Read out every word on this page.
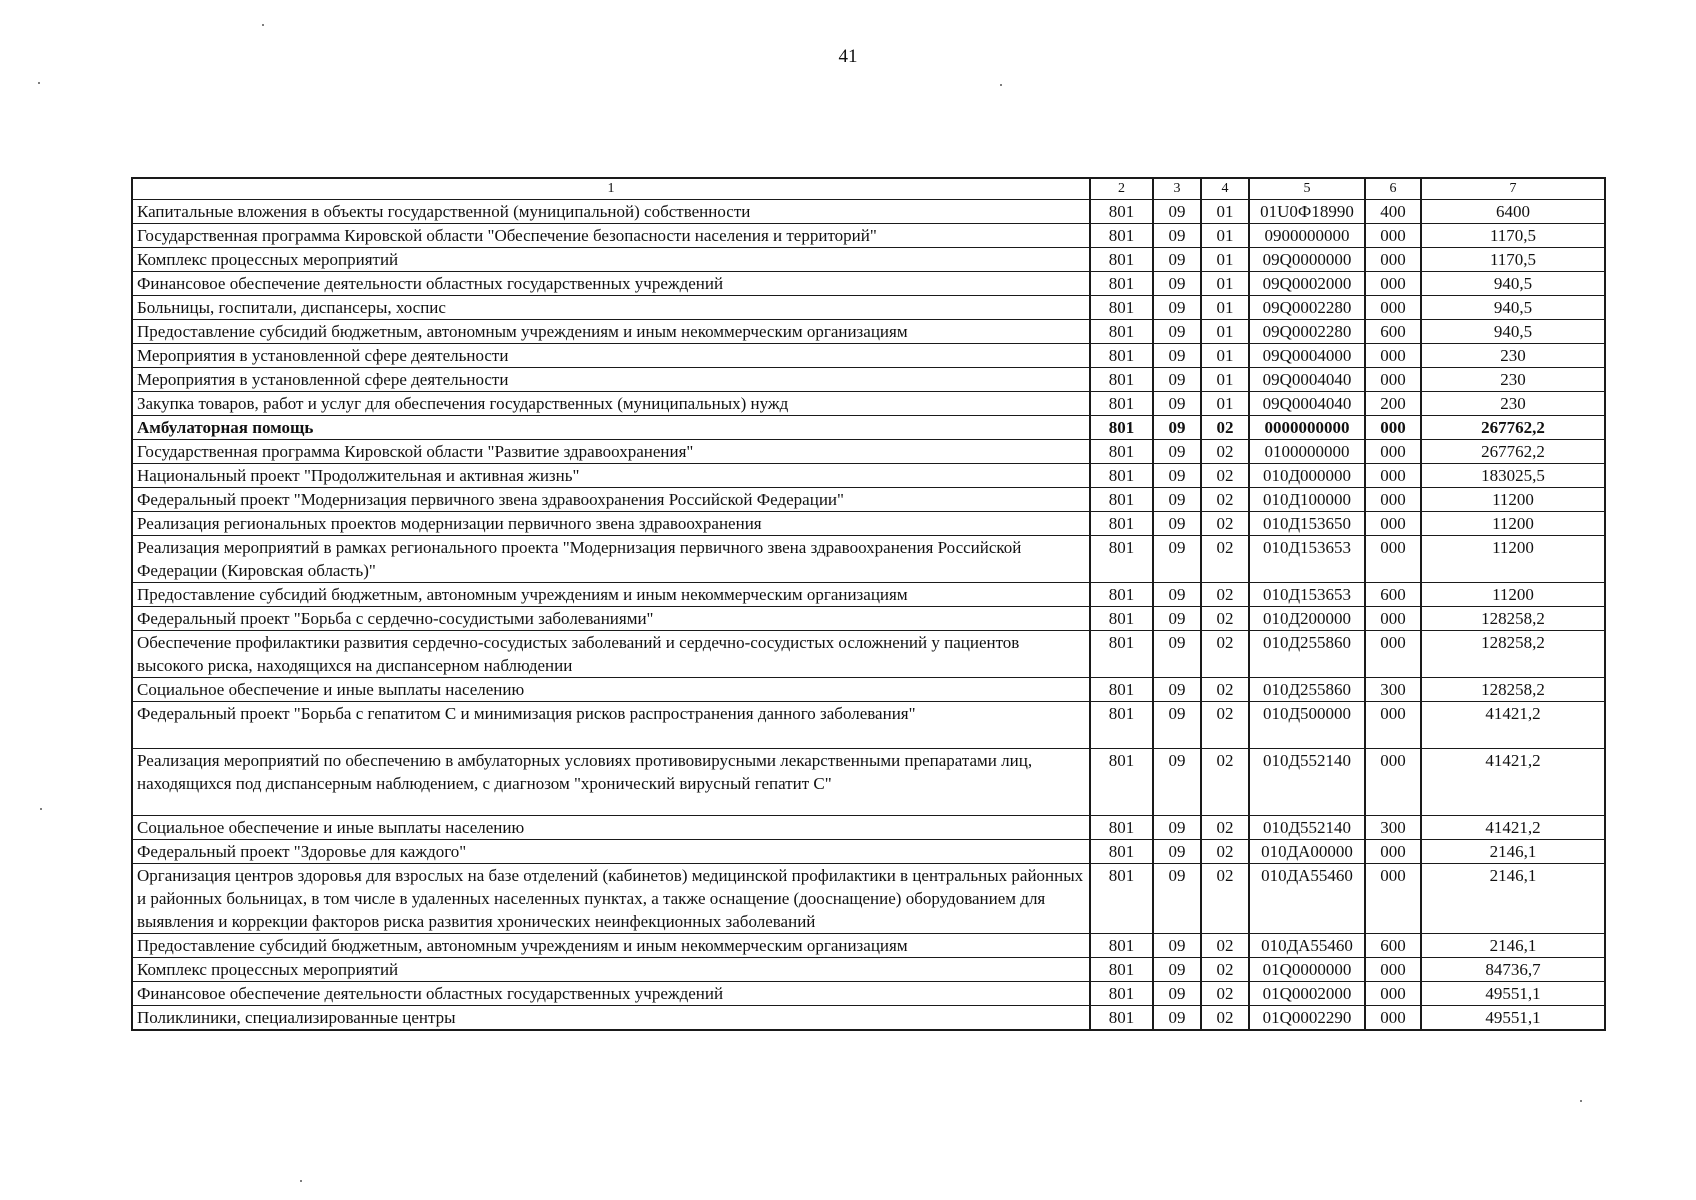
41
1	2	3	4	5	6	7
Капитальные вложения в объекты государственной (муниципальной) собственности	801	09	01	01U0Ф18990	400	6400
Государственная программа Кировской области "Обеспечение безопасности населения и территорий"	801	09	01	0900000000	000	1170,5
Комплекс процессных мероприятий	801	09	01	09Q0000000	000	1170,5
Финансовое обеспечение деятельности областных государственных учреждений	801	09	01	09Q0002000	000	940,5
Больницы, госпитали, диспансеры, хоспис	801	09	01	09Q0002280	000	940,5
Предоставление субсидий бюджетным, автономным учреждениям и иным некоммерческим организациям	801	09	01	09Q0002280	600	940,5
Мероприятия в установленной сфере деятельности	801	09	01	09Q0004000	000	230
Мероприятия в установленной сфере деятельности	801	09	01	09Q0004040	000	230
Закупка товаров, работ и услуг для обеспечения государственных (муниципальных) нужд	801	09	01	09Q0004040	200	230
Амбулаторная помощь	801	09	02	0000000000	000	267762,2
Государственная программа Кировской области "Развитие здравоохранения"	801	09	02	0100000000	000	267762,2
Национальный проект "Продолжительная и активная жизнь"	801	09	02	010Д000000	000	183025,5
Федеральный проект "Модернизация первичного звена здравоохранения Российской Федерации"	801	09	02	010Д100000	000	11200
Реализация региональных проектов модернизации первичного звена здравоохранения	801	09	02	010Д153650	000	11200
Реализация мероприятий в рамках регионального проекта "Модернизация первичного звена здравоохранения Российской Федерации (Кировская область)"	801	09	02	010Д153653	000	11200
Предоставление субсидий бюджетным, автономным учреждениям и иным некоммерческим организациям	801	09	02	010Д153653	600	11200
Федеральный проект "Борьба с сердечно-сосудистыми заболеваниями"	801	09	02	010Д200000	000	128258,2
Обеспечение профилактики развития сердечно-сосудистых заболеваний и сердечно-сосудистых осложнений у пациентов высокого риска, находящихся на диспансерном наблюдении	801	09	02	010Д255860	000	128258,2
Социальное обеспечение и иные выплаты населению	801	09	02	010Д255860	300	128258,2
Федеральный проект "Борьба с гепатитом С и минимизация рисков распространения данного заболевания"	801	09	02	010Д500000	000	41421,2
Реализация мероприятий по обеспечению в амбулаторных условиях противовирусными лекарственными препаратами лиц, находящихся под диспансерным наблюдением, с диагнозом "хронический вирусный гепатит С"	801	09	02	010Д552140	000	41421,2
Социальное обеспечение и иные выплаты населению	801	09	02	010Д552140	300	41421,2
Федеральный проект "Здоровье для каждого"	801	09	02	010ДА00000	000	2146,1
Организация центров здоровья для взрослых на базе отделений (кабинетов) медицинской профилактики в центральных районных и районных больницах, в том числе в удаленных населенных пунктах, а также оснащение (дооснащение) оборудованием для выявления и коррекции факторов риска развития хронических неинфекционных заболеваний	801	09	02	010ДА55460	000	2146,1
Предоставление субсидий бюджетным, автономным учреждениям и иным некоммерческим организациям	801	09	02	010ДА55460	600	2146,1
Комплекс процессных мероприятий	801	09	02	01Q0000000	000	84736,7
Финансовое обеспечение деятельности областных государственных учреждений	801	09	02	01Q0002000	000	49551,1
Поликлиники, специализированные центры	801	09	02	01Q0002290	000	49551,1
